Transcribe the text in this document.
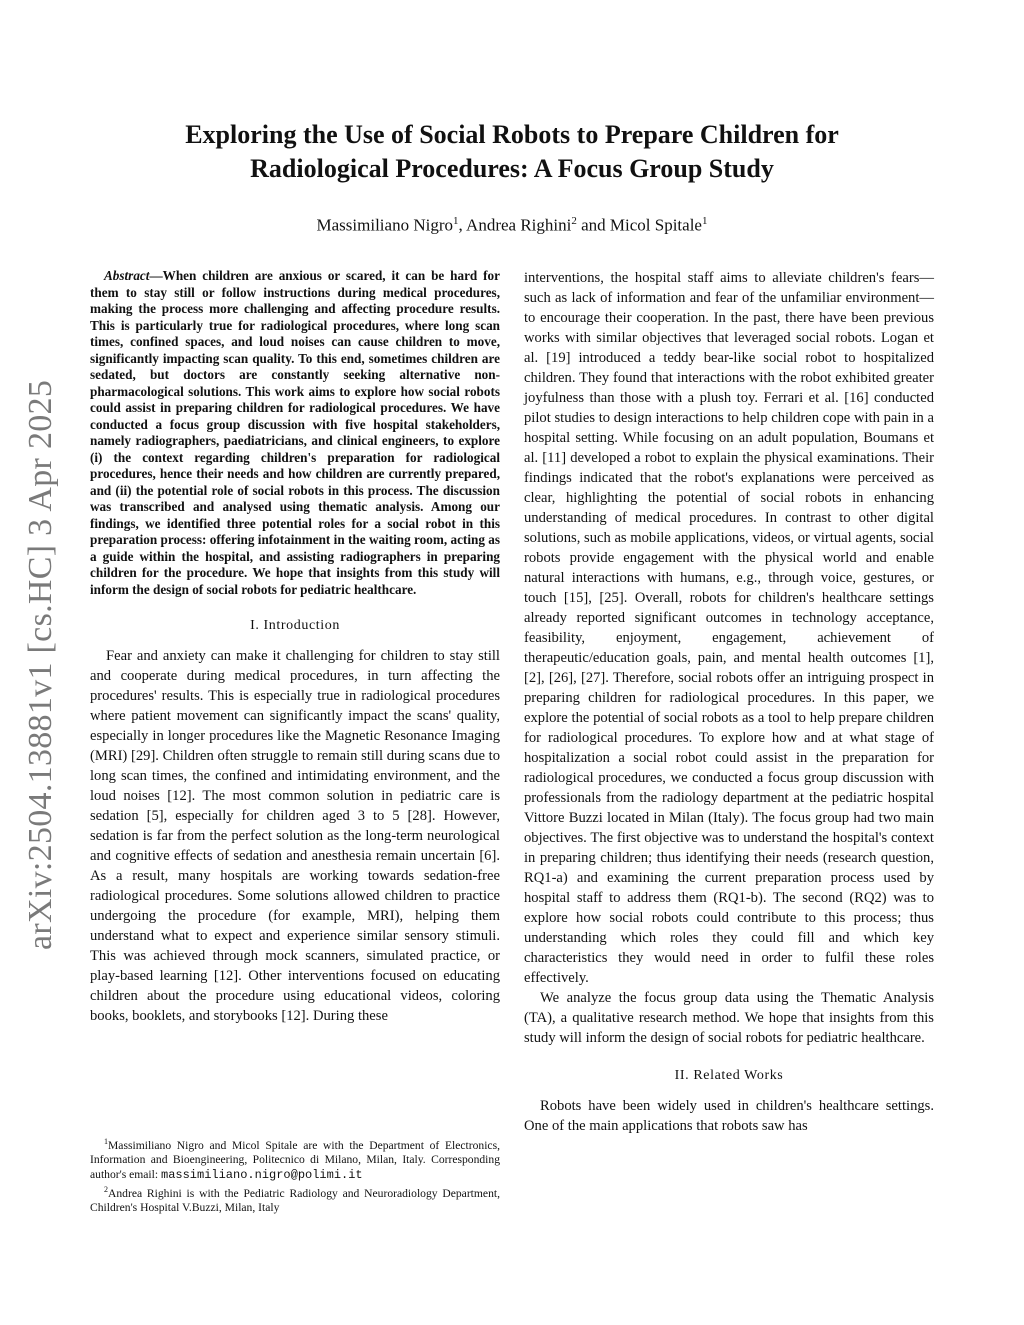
arXiv:2504.13881v1 [cs.HC] 3 Apr 2025
Exploring the Use of Social Robots to Prepare Children for
Radiological Procedures: A Focus Group Study
Massimiliano Nigro$^1$, Andrea Righini$^2$ and Micol Spitale$^1$

Abstract—When children are anxious or scared, it can be hard for them to stay still or follow instructions during medical procedures, making the process more challenging and affecting procedure results. This is particularly true for radiological procedures, where long scan times, confined spaces, and loud noises can cause children to move, significantly impacting scan quality. To this end, sometimes children are sedated, but doctors are constantly seeking alternative non-pharmacological solutions. This work aims to explore how social robots could assist in preparing children for radiological procedures. We have conducted a focus group discussion with five hospital stakeholders, namely radiographers, paediatricians, and clinical engineers, to explore (i) the context regarding children's preparation for radiological procedures, hence their needs and how children are currently prepared, and (ii) the potential role of social robots in this process. The discussion was transcribed and analysed using thematic analysis. Among our findings, we identified three potential roles for a social robot in this preparation process: offering infotainment in the waiting room, acting as a guide within the hospital, and assisting radiographers in preparing children for the procedure. We hope that insights from this study will inform the design of social robots for pediatric healthcare.

I. Introduction

Fear and anxiety can make it challenging for children to stay still and cooperate during medical procedures, in turn affecting the procedures' results. This is especially true in radiological procedures where patient movement can significantly impact the scans' quality, especially in longer procedures like the Magnetic Resonance Imaging (MRI) [29]. Children often struggle to remain still during scans due to long scan times, the confined and intimidating environment, and the loud noises [12]. The most common solution in pediatric care is sedation [5], especially for children aged 3 to 5 [28]. However, sedation is far from the perfect solution as the long-term neurological and cognitive effects of sedation and anesthesia remain uncertain [6]. As a result, many hospitals are working towards sedation-free radiological procedures. Some solutions allowed children to practice undergoing the procedure (for example, MRI), helping them understand what to expect and experience similar sensory stimuli. This was achieved through mock scanners, simulated practice, or play-based learning [12]. Other interventions focused on educating children about the procedure using educational videos, coloring books, booklets, and storybooks [12]. During these

$^1$Massimiliano Nigro and Micol Spitale are with the Department of Electronics, Information and Bioengineering, Politecnico di Milano, Milan, Italy. Corresponding author's email: massimiliano.nigro@polimi.it

$^2$Andrea Righini is with the Pediatric Radiology and Neuroradiology Department, Children's Hospital V.Buzzi, Milan, Italy

interventions, the hospital staff aims to alleviate children's fears—such as lack of information and fear of the unfamiliar environment—to encourage their cooperation. In the past, there have been previous works with similar objectives that leveraged social robots. Logan et al. [19] introduced a teddy bear-like social robot to hospitalized children. They found that interactions with the robot exhibited greater joyfulness than those with a plush toy. Ferrari et al. [16] conducted pilot studies to design interactions to help children cope with pain in a hospital setting. While focusing on an adult population, Boumans et al. [11] developed a robot to explain the physical examinations. Their findings indicated that the robot's explanations were perceived as clear, highlighting the potential of social robots in enhancing understanding of medical procedures. In contrast to other digital solutions, such as mobile applications, videos, or virtual agents, social robots provide engagement with the physical world and enable natural interactions with humans, e.g., through voice, gestures, or touch [15], [25]. Overall, robots for children's healthcare settings already reported significant outcomes in technology acceptance, feasibility, enjoyment, engagement, achievement of therapeutic/education goals, pain, and mental health outcomes [1], [2], [26], [27]. Therefore, social robots offer an intriguing prospect in preparing children for radiological procedures. In this paper, we explore the potential of social robots as a tool to help prepare children for radiological procedures. To explore how and at what stage of hospitalization a social robot could assist in the preparation for radiological procedures, we conducted a focus group discussion with professionals from the radiology department at the pediatric hospital Vittore Buzzi located in Milan (Italy). The focus group had two main objectives. The first objective was to understand the hospital's context in preparing children; thus identifying their needs (research question, RQ1-a) and examining the current preparation process used by hospital staff to address them (RQ1-b). The second (RQ2) was to explore how social robots could contribute to this process; thus understanding which roles they could fill and which key characteristics they would need in order to fulfil these roles effectively.

We analyze the focus group data using the Thematic Analysis (TA), a qualitative research method. We hope that insights from this study will inform the design of social robots for pediatric healthcare.

II. Related Works

Robots have been widely used in children's healthcare settings. One of the main applications that robots saw has
